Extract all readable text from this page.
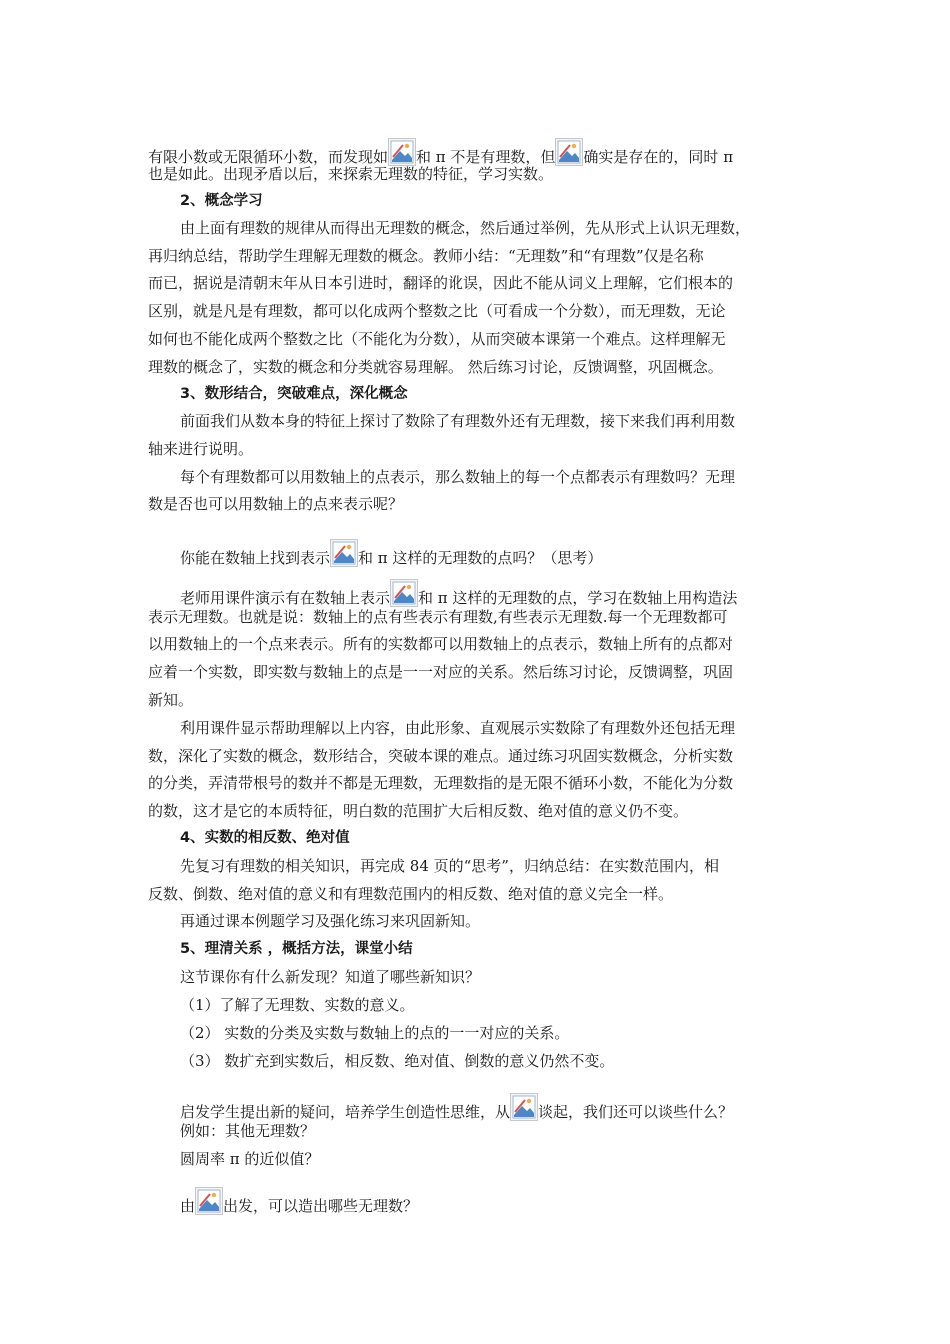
有限小数或无限循环小数，而发现如 和 π 不是有理数，但 确实是存在的，同时 π
也是如此。出现矛盾以后，来探索无理数的特征，学习实数。
2、概念学习
由上面有理数的规律从而得出无理数的概念，然后通过举例，先从形式上认识无理数，
再归纳总结，帮助学生理解无理数的概念。教师小结：“无理数”和“有理数”仅是名称
而已，据说是清朝末年从日本引进时，翻译的讹误，因此不能从词义上理解，它们根本的
区别，就是凡是有理数，都可以化成两个整数之比（可看成一个分数），而无理数，无论
如何也不能化成两个整数之比（不能化为分数），从而突破本课第一个难点。这样理解无
理数的概念了，实数的概念和分类就容易理解。 然后练习讨论，反馈调整，巩固概念。
3、数形结合，突破难点，深化概念
前面我们从数本身的特征上探讨了数除了有理数外还有无理数，接下来我们再利用数
轴来进行说明。
每个有理数都可以用数轴上的点表示，那么数轴上的每一个点都表示有理数吗？无理
数是否也可以用数轴上的点来表示呢？
你能在数轴上找到表示 和 π 这样的无理数的点吗？（思考）
老师用课件演示有在数轴上表示 和 π 这样的无理数的点，学习在数轴上用构造法
表示无理数。也就是说：数轴上的点有些表示有理数,有些表示无理数.每一个无理数都可
以用数轴上的一个点来表示。所有的实数都可以用数轴上的点表示，数轴上所有的点都对
应着一个实数，即实数与数轴上的点是一一对应的关系。然后练习讨论，反馈调整，巩固
新知。
利用课件显示帮助理解以上内容，由此形象、直观展示实数除了有理数外还包括无理
数，深化了实数的概念，数形结合，突破本课的难点。通过练习巩固实数概念，分析实数
的分类，弄清带根号的数并不都是无理数，无理数指的是无限不循环小数，不能化为分数
的数，这才是它的本质特征，明白数的范围扩大后相反数、绝对值的意义仍不变。
4、实数的相反数、绝对值
先复习有理数的相关知识，再完成 84 页的“思考”，归纳总结：在实数范围内，相
反数、倒数、绝对值的意义和有理数范围内的相反数、绝对值的意义完全一样。
再通过课本例题学习及强化练习来巩固新知。
5、理清关系 ，概括方法，课堂小结
这节课你有什么新发现？知道了哪些新知识？
（1）了解了无理数、实数的意义。
（2） 实数的分类及实数与数轴上的点的一一对应的关系。
（3） 数扩充到实数后，相反数、绝对值、倒数的意义仍然不变。
启发学生提出新的疑问，培养学生创造性思维，从 谈起，我们还可以谈些什么？
例如：其他无理数？
圆周率 π 的近似值？
由 出发，可以造出哪些无理数？
